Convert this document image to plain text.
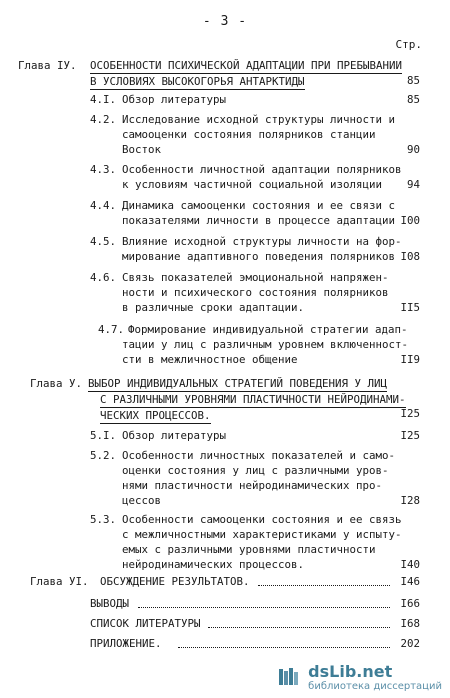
- 3 -
Стр.
Глава IУ. ОСОБЕННОСТИ ПСИХИЧЕСКОЙ АДАПТАЦИИ ПРИ ПРЕБЫВАНИИ
В УСЛОВИЯХ ВЫСОКОГОРЬЯ АНТАРКТИДЫ	85
4.I. Обзор литературы	85
4.2. Исследование исходной структуры личности и
самооценки состояния полярников станции
Восток	90
4.3. Особенности личностной адаптации полярников
к условиям частичной социальной изоляции	94
4.4. Динамика самооценки состояния и ее связи с
показателями личности в процессе адаптации I00
4.5. Влияние исходной структуры личности на фор-
мирование адаптивного поведения полярников I08
4.6. Связь показателей эмоциональной напряжен-
ности и психического состояния полярников
в различные сроки адаптации.	II5
4.7. Формирование индивидуальной стратегии адап-
тации у лиц с различным уровнем включенност-
сти в межличностное общение	II9
Глава У. ВЫБОР ИНДИВИДУАЛЬНЫХ СТРАТЕГИЙ ПОВЕДЕНИЯ У ЛИЦ
С РАЗЛИЧНЫМИ УРОВНЯМИ ПЛАСТИЧНОСТИ НЕЙРОДИНАМИ-
ЧЕСКИХ ПРОЦЕССОВ.	I25
5.I. Обзор литературы	I25
5.2. Особенности личностных показателей и само-
оценки состояния у лиц с различными уров-
нями пластичности нейродинамических про-
цессов	I28
5.3. Особенности самооценки состояния и ее связь
с межличностными характеристиками у испыту-
емых с различными уровнями пластичности
нейродинамических процессов.	I40
Глава УI. ОБСУЖДЕНИЕ РЕЗУЛЬТАТОВ.	I46
ВЫВОДЫ	I66
СПИСОК ЛИТЕРАТУРЫ	I68
ПРИЛОЖЕНИЕ.	202
dsLib.net
библиотека диссертаций
